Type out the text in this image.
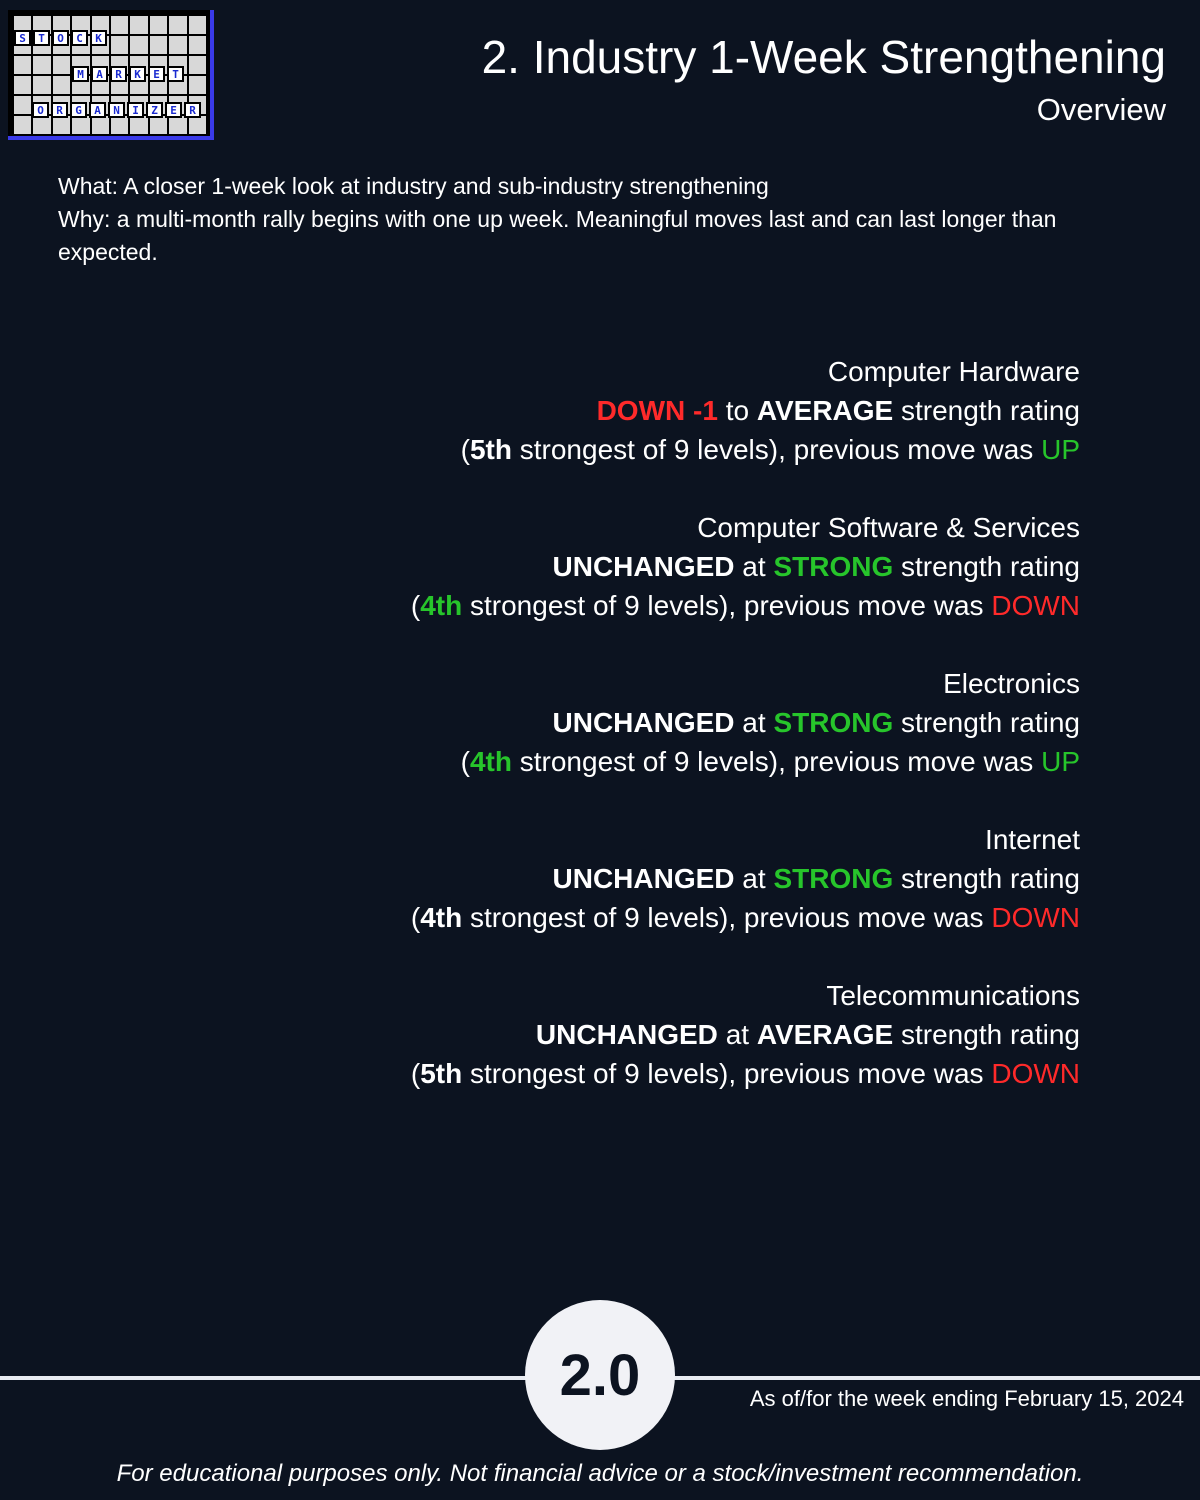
S	T	O	C	K
M	A	R	K	E	T
O	R	G	A	N	I	Z	E	R
2. Industry 1-Week Strengthening
Overview
What: A closer 1-week look at industry and sub-industry strengthening
Why: a multi-month rally begins with one up week. Meaningful moves last and can last longer than expected.
Computer Hardware
DOWN -1 to AVERAGE strength rating
(5th strongest of 9 levels), previous move was UP
Computer Software & Services
UNCHANGED at STRONG strength rating
(4th strongest of 9 levels), previous move was DOWN
Electronics
UNCHANGED at STRONG strength rating
(4th strongest of 9 levels), previous move was UP
Internet
UNCHANGED at STRONG strength rating
(4th strongest of 9 levels), previous move was DOWN
Telecommunications
UNCHANGED at AVERAGE strength rating
(5th strongest of 9 levels), previous move was DOWN
2.0	As of/for the week ending February 15, 2024
For educational purposes only. Not financial advice or a stock/investment recommendation.
